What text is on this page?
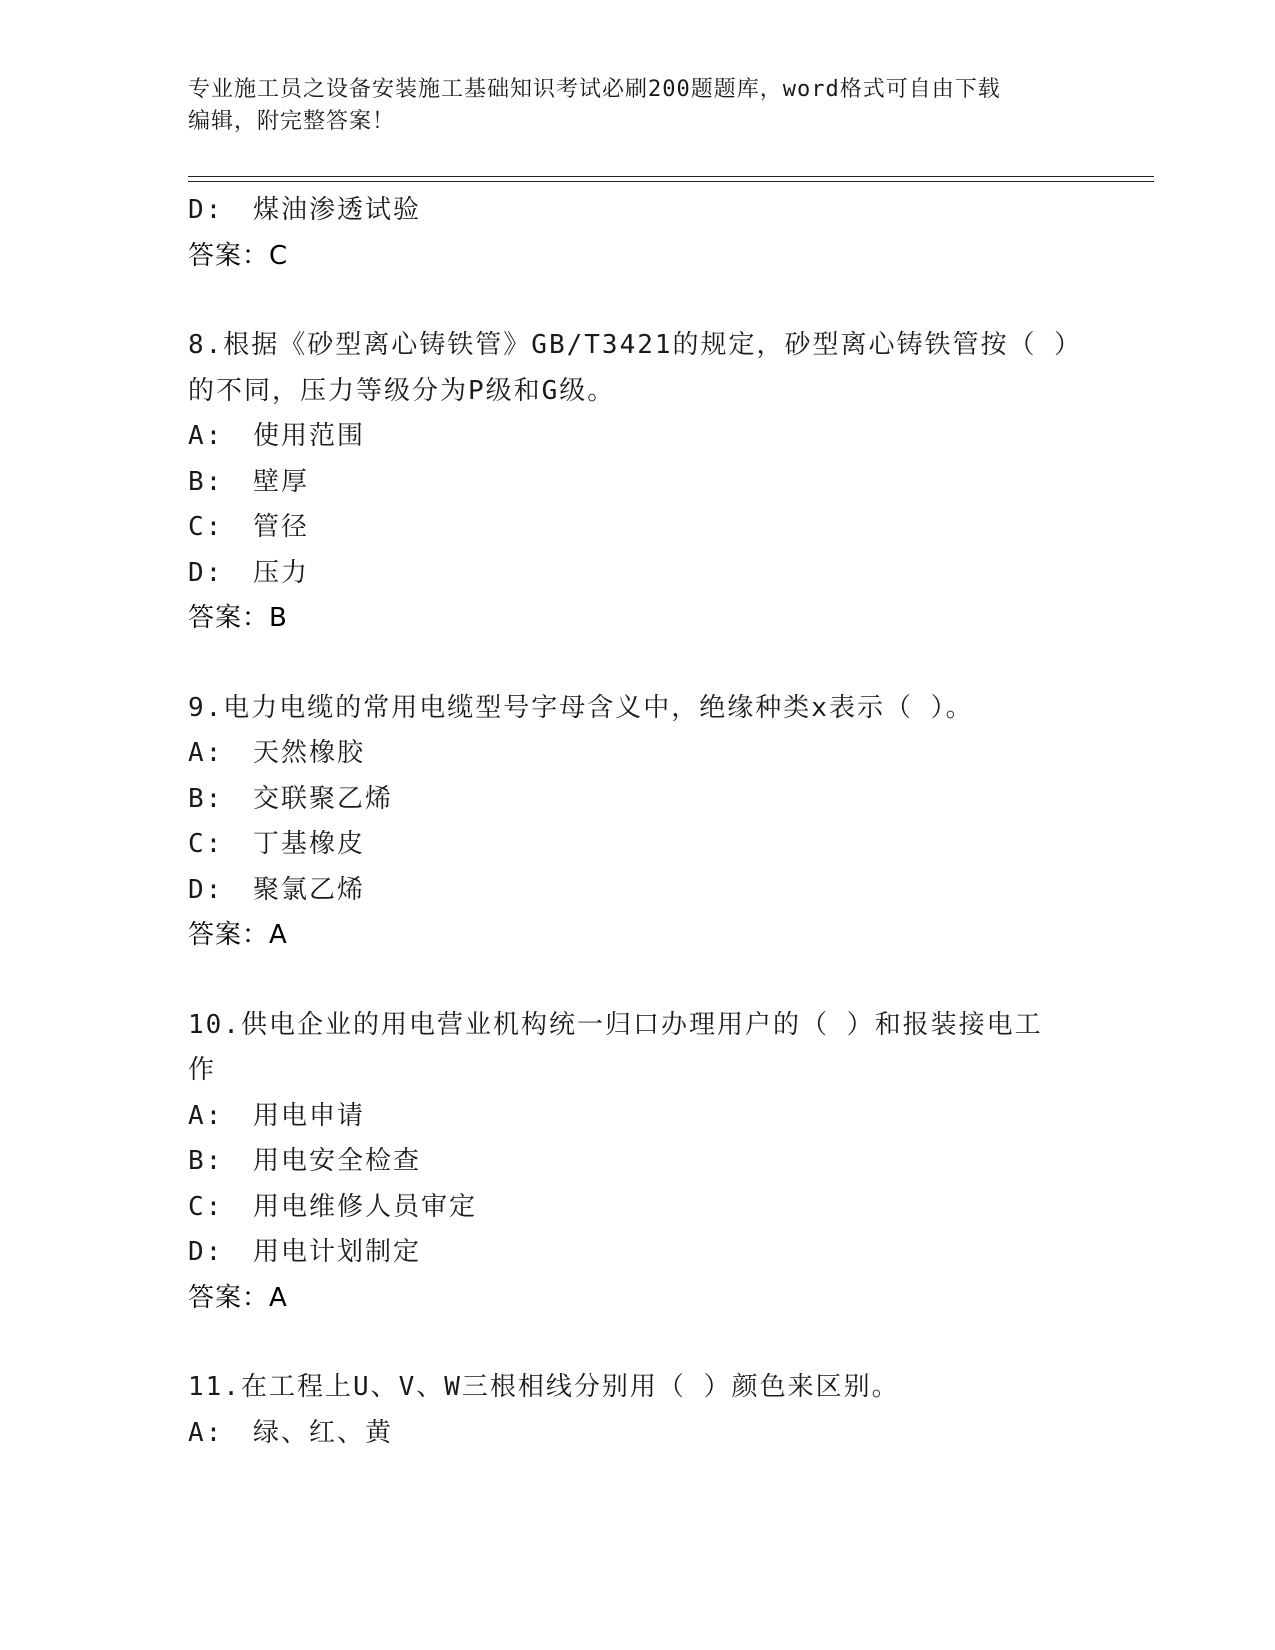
专业施工员之设备安装施工基础知识考试必刷200题题库，word格式可自由下载
编辑，附完整答案！
D: 煤油渗透试验
答案：C
8.根据《砂型离心铸铁管》GB/T3421的规定，砂型离心铸铁管按（ ）
的不同，压力等级分为P级和G级。
A: 使用范围
B: 壁厚
C: 管径
D: 压力
答案：B
9.电力电缆的常用电缆型号字母含义中，绝缘种类x表示（ ）。
A: 天然橡胶
B: 交联聚乙烯
C: 丁基橡皮
D: 聚氯乙烯
答案：A
10.供电企业的用电营业机构统一归口办理用户的（ ）和报装接电工
作
A: 用电申请
B: 用电安全检查
C: 用电维修人员审定
D: 用电计划制定
答案：A
11.在工程上U、V、W三根相线分别用（ ）颜色来区别。
A: 绿、红、黄
